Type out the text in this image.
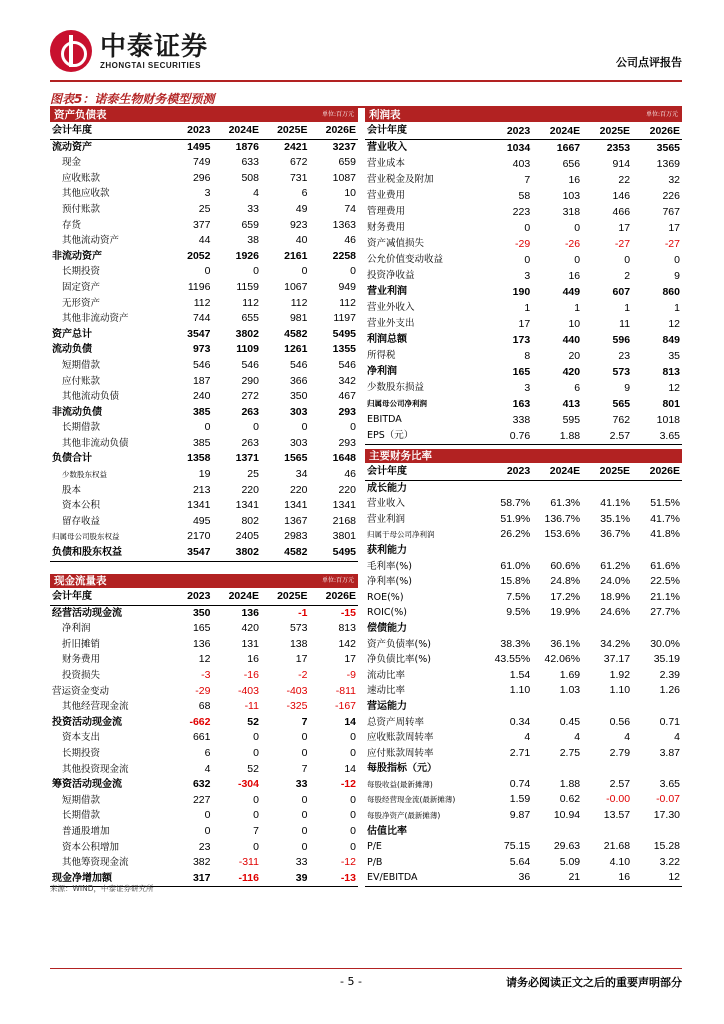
中泰证券
ZHONGTAI SECURITIES	公司点评报告
图表5：诺泰生物财务模型预测
资产负债表	单位:百万元
会计年度	2023	2024E	2025E	2026E
流动资产	1495	1876	2421	3237
现金	749	633	672	659
应收账款	296	508	731	1087
其他应收款	3	4	6	10
预付账款	25	33	49	74
存货	377	659	923	1363
其他流动资产	44	38	40	46
非流动资产	2052	1926	2161	2258
长期投资	0	0	0	0
固定资产	1196	1159	1067	949
无形资产	112	112	112	112
其他非流动资产	744	655	981	1197
资产总计	3547	3802	4582	5495
流动负债	973	1109	1261	1355
短期借款	546	546	546	546
应付账款	187	290	366	342
其他流动负债	240	272	350	467
非流动负债	385	263	303	293
长期借款	0	0	0	0
其他非流动负债	385	263	303	293
负债合计	1358	1371	1565	1648
少数股东权益	19	25	34	46
股本	213	220	220	220
资本公积	1341	1341	1341	1341
留存收益	495	802	1367	2168
归属母公司股东权益	2170	2405	2983	3801
负债和股东权益	3547	3802	4582	5495
现金流量表	单位:百万元
会计年度	2023	2024E	2025E	2026E
经营活动现金流	350	136	-1	-15
净利润	165	420	573	813
折旧摊销	136	131	138	142
财务费用	12	16	17	17
投资损失	-3	-16	-2	-9
营运资金变动	-29	-403	-403	-811
其他经营现金流	68	-11	-325	-167
投资活动现金流	-662	52	7	14
资本支出	661	0	0	0
长期投资	6	0	0	0
其他投资现金流	4	52	7	14
筹资活动现金流	632	-304	33	-12
短期借款	227	0	0	0
长期借款	0	0	0	0
普通股增加	0	7	0	0
资本公积增加	23	0	0	0
其他筹资现金流	382	-311	33	-12
现金净增加额	317	-116	39	-13
利润表	单位:百万元
会计年度	2023	2024E	2025E	2026E
营业收入	1034	1667	2353	3565
营业成本	403	656	914	1369
营业税金及附加	7	16	22	32
营业费用	58	103	146	226
管理费用	223	318	466	767
财务费用	0	0	17	17
资产减值损失	-29	-26	-27	-27
公允价值变动收益	0	0	0	0
投资净收益	3	16	2	9
营业利润	190	449	607	860
营业外收入	1	1	1	1
营业外支出	17	10	11	12
利润总额	173	440	596	849
所得税	8	20	23	35
净利润	165	420	573	813
少数股东损益	3	6	9	12
归属母公司净利润	163	413	565	801
EBITDA	338	595	762	1018
EPS（元）	0.76	1.88	2.57	3.65
主要财务比率
会计年度	2023	2024E	2025E	2026E
成长能力				
营业收入	58.7%	61.3%	41.1%	51.5%
营业利润	51.9%	136.7%	35.1%	41.7%
归属于母公司净利润	26.2%	153.6%	36.7%	41.8%
获利能力				
毛利率(%)	61.0%	60.6%	61.2%	61.6%
净利率(%)	15.8%	24.8%	24.0%	22.5%
ROE(%)	7.5%	17.2%	18.9%	21.1%
ROIC(%)	9.5%	19.9%	24.6%	27.7%
偿债能力				
资产负债率(%)	38.3%	36.1%	34.2%	30.0%
净负债比率(%)	43.55%	42.06%	37.17	35.19
流动比率	1.54	1.69	1.92	2.39
速动比率	1.10	1.03	1.10	1.26
营运能力				
总资产周转率	0.34	0.45	0.56	0.71
应收账款周转率	4	4	4	4
应付账款周转率	2.71	2.75	2.79	3.87
每股指标（元）				
每股收益(最新摊薄)	0.74	1.88	2.57	3.65
每股经营现金流(最新摊薄)	1.59	0.62	-0.00	-0.07
每股净资产(最新摊薄)	9.87	10.94	13.57	17.30
估值比率				
P/E	75.15	29.63	21.68	15.28
P/B	5.64	5.09	4.10	3.22
EV/EBITDA	36	21	16	12
来源：WIND，中泰证券研究所
- 5 -	请务必阅读正文之后的重要声明部分
